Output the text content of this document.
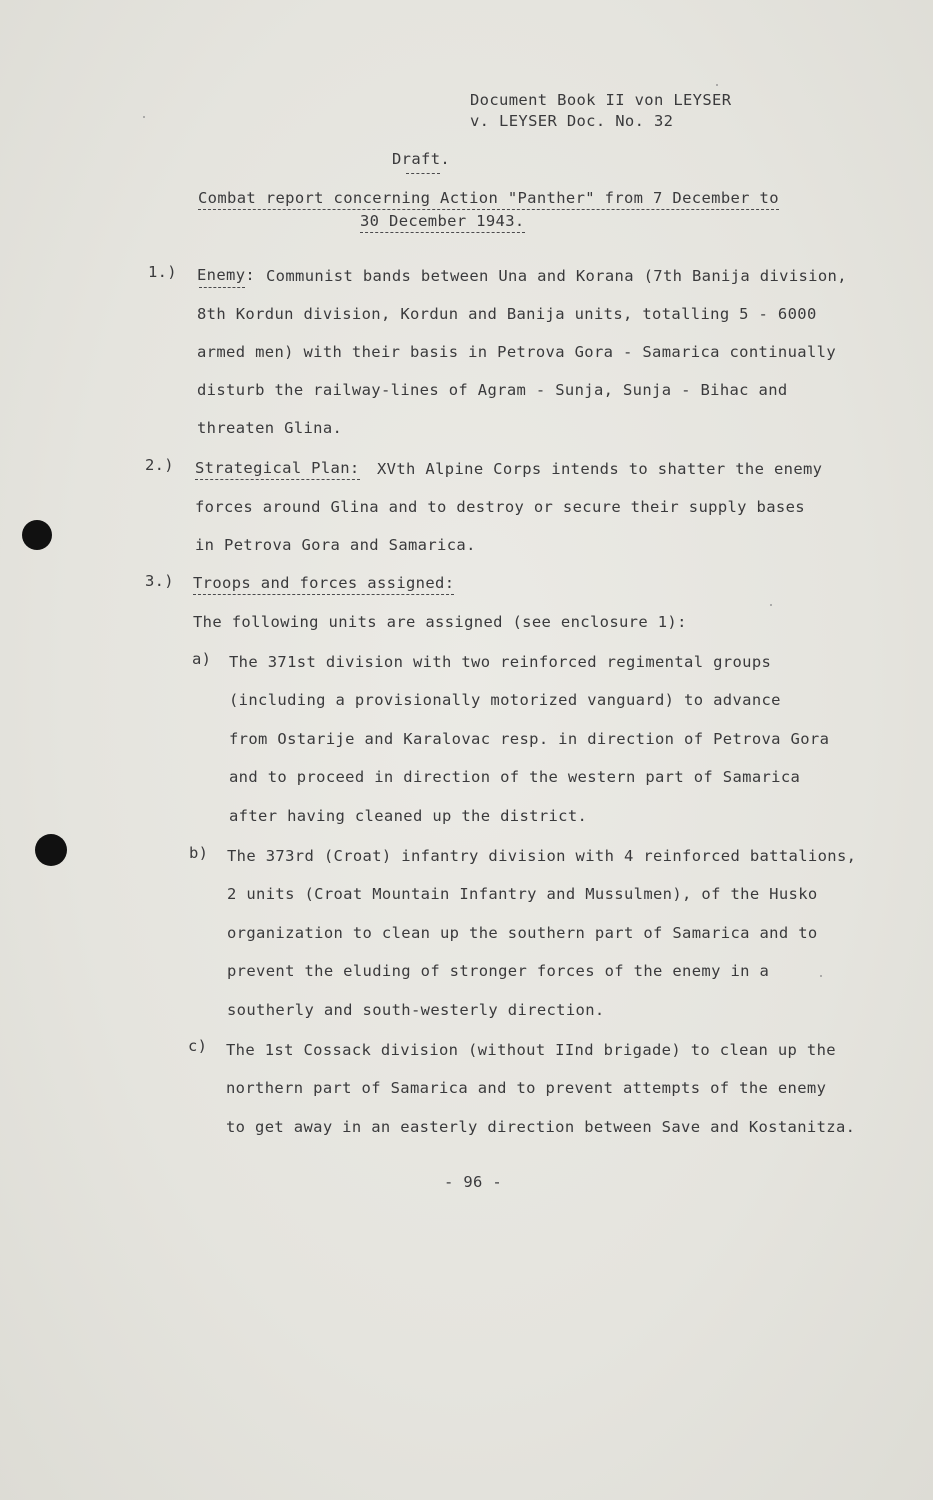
Document Book II von LEYSER
v. LEYSER Doc. No. 32
Draft.
Combat report concerning Action "Panther" from 7 December to
30 December 1943.
1.) Enemy: Communist bands between Una and Korana (7th Banija division,
8th Kordun division, Kordun and Banija units, totalling 5 - 6000
armed men) with their basis in Petrova Gora - Samarica continually
disturb the railway-lines of Agram - Sunja, Sunja - Bihac and
threaten Glina.
2.) Strategical Plan: XVth Alpine Corps intends to shatter the enemy
forces around Glina and to destroy or secure their supply bases
in Petrova Gora and Samarica.
3.) Troops and forces assigned:
The following units are assigned (see enclosure 1):
a) The 371st division with two reinforced regimental groups
(including a provisionally motorized vanguard) to advance
from Ostarije and Karalovac resp. in direction of Petrova Gora
and to proceed in direction of the western part of Samarica
after having cleaned up the district.
b) The 373rd (Croat) infantry division with 4 reinforced battalions,
2 units (Croat Mountain Infantry and Mussulmen), of the Husko
organization to clean up the southern part of Samarica and to
prevent the eluding of stronger forces of the enemy in a
southerly and south-westerly direction.
c) The 1st Cossack division (without IInd brigade) to clean up the
northern part of Samarica and to prevent attempts of the enemy
to get away in an easterly direction between Save and Kostanitza.
- 96 -
